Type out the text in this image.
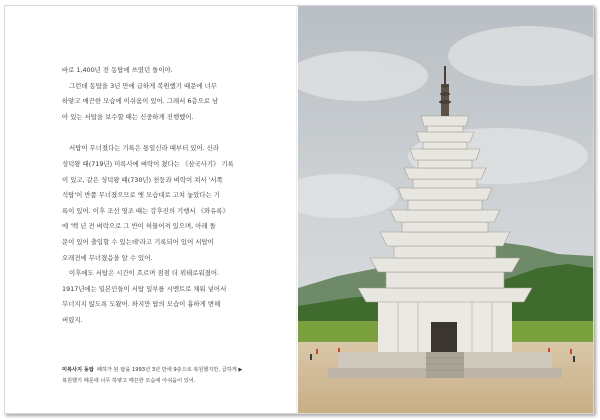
바로 1,400년 전 동탑에 쓰였던 돌이야.

그런데 동탑을 3년 만에 급하게 복원했기 때문에 너무

하얗고 매끈한 모습에 이쉬움이 있어. 그래서 6층으로 남

아 있는 서탑을 보수할 때는 신중하게 진행했어.

서탑이 무너졌다는 기록은 통일신라 때부터 있어. 신라

성덕왕 때(719년) 미륵사에 벼락이 쳤다는 《삼국사기》 기록

이 있고, 같은 성덕왕 때(730년) 천둥과 벼락이 쳐서 '서쪽

석탑'이 반쯤 무너졌으므로 옛 모습대로 고쳐 놓았다는 기

록이 있어. 이후 조선 영조 때는 강후진의 기행서 《와유록》

에 '백 년 전 벼락으로 그 반이 허물어져 있으며, 아래 돌

문이 있어 출입할 수 있는데'라고 기록되어 있어 서탑이

오래전에 무너졌음을 알 수 있어.

이후에도 서탑은 시간이 흐르며 점점 더 위태로워졌어.

1917년에는 일본인들이 서탑 일부를 시멘트로 채워 넣어서

무너지지 않도록 도왔어. 하지만 탑의 모습이 흉하게 변해

버렸지.

미륵사지 동탑 폐허가 된 탑을 1993년 3년 만에 9층으로 복원했지만, 급하게 ▶
복원했기 때문에 너무 하얗고 매끈한 모습에 아쉬움이 있어.
